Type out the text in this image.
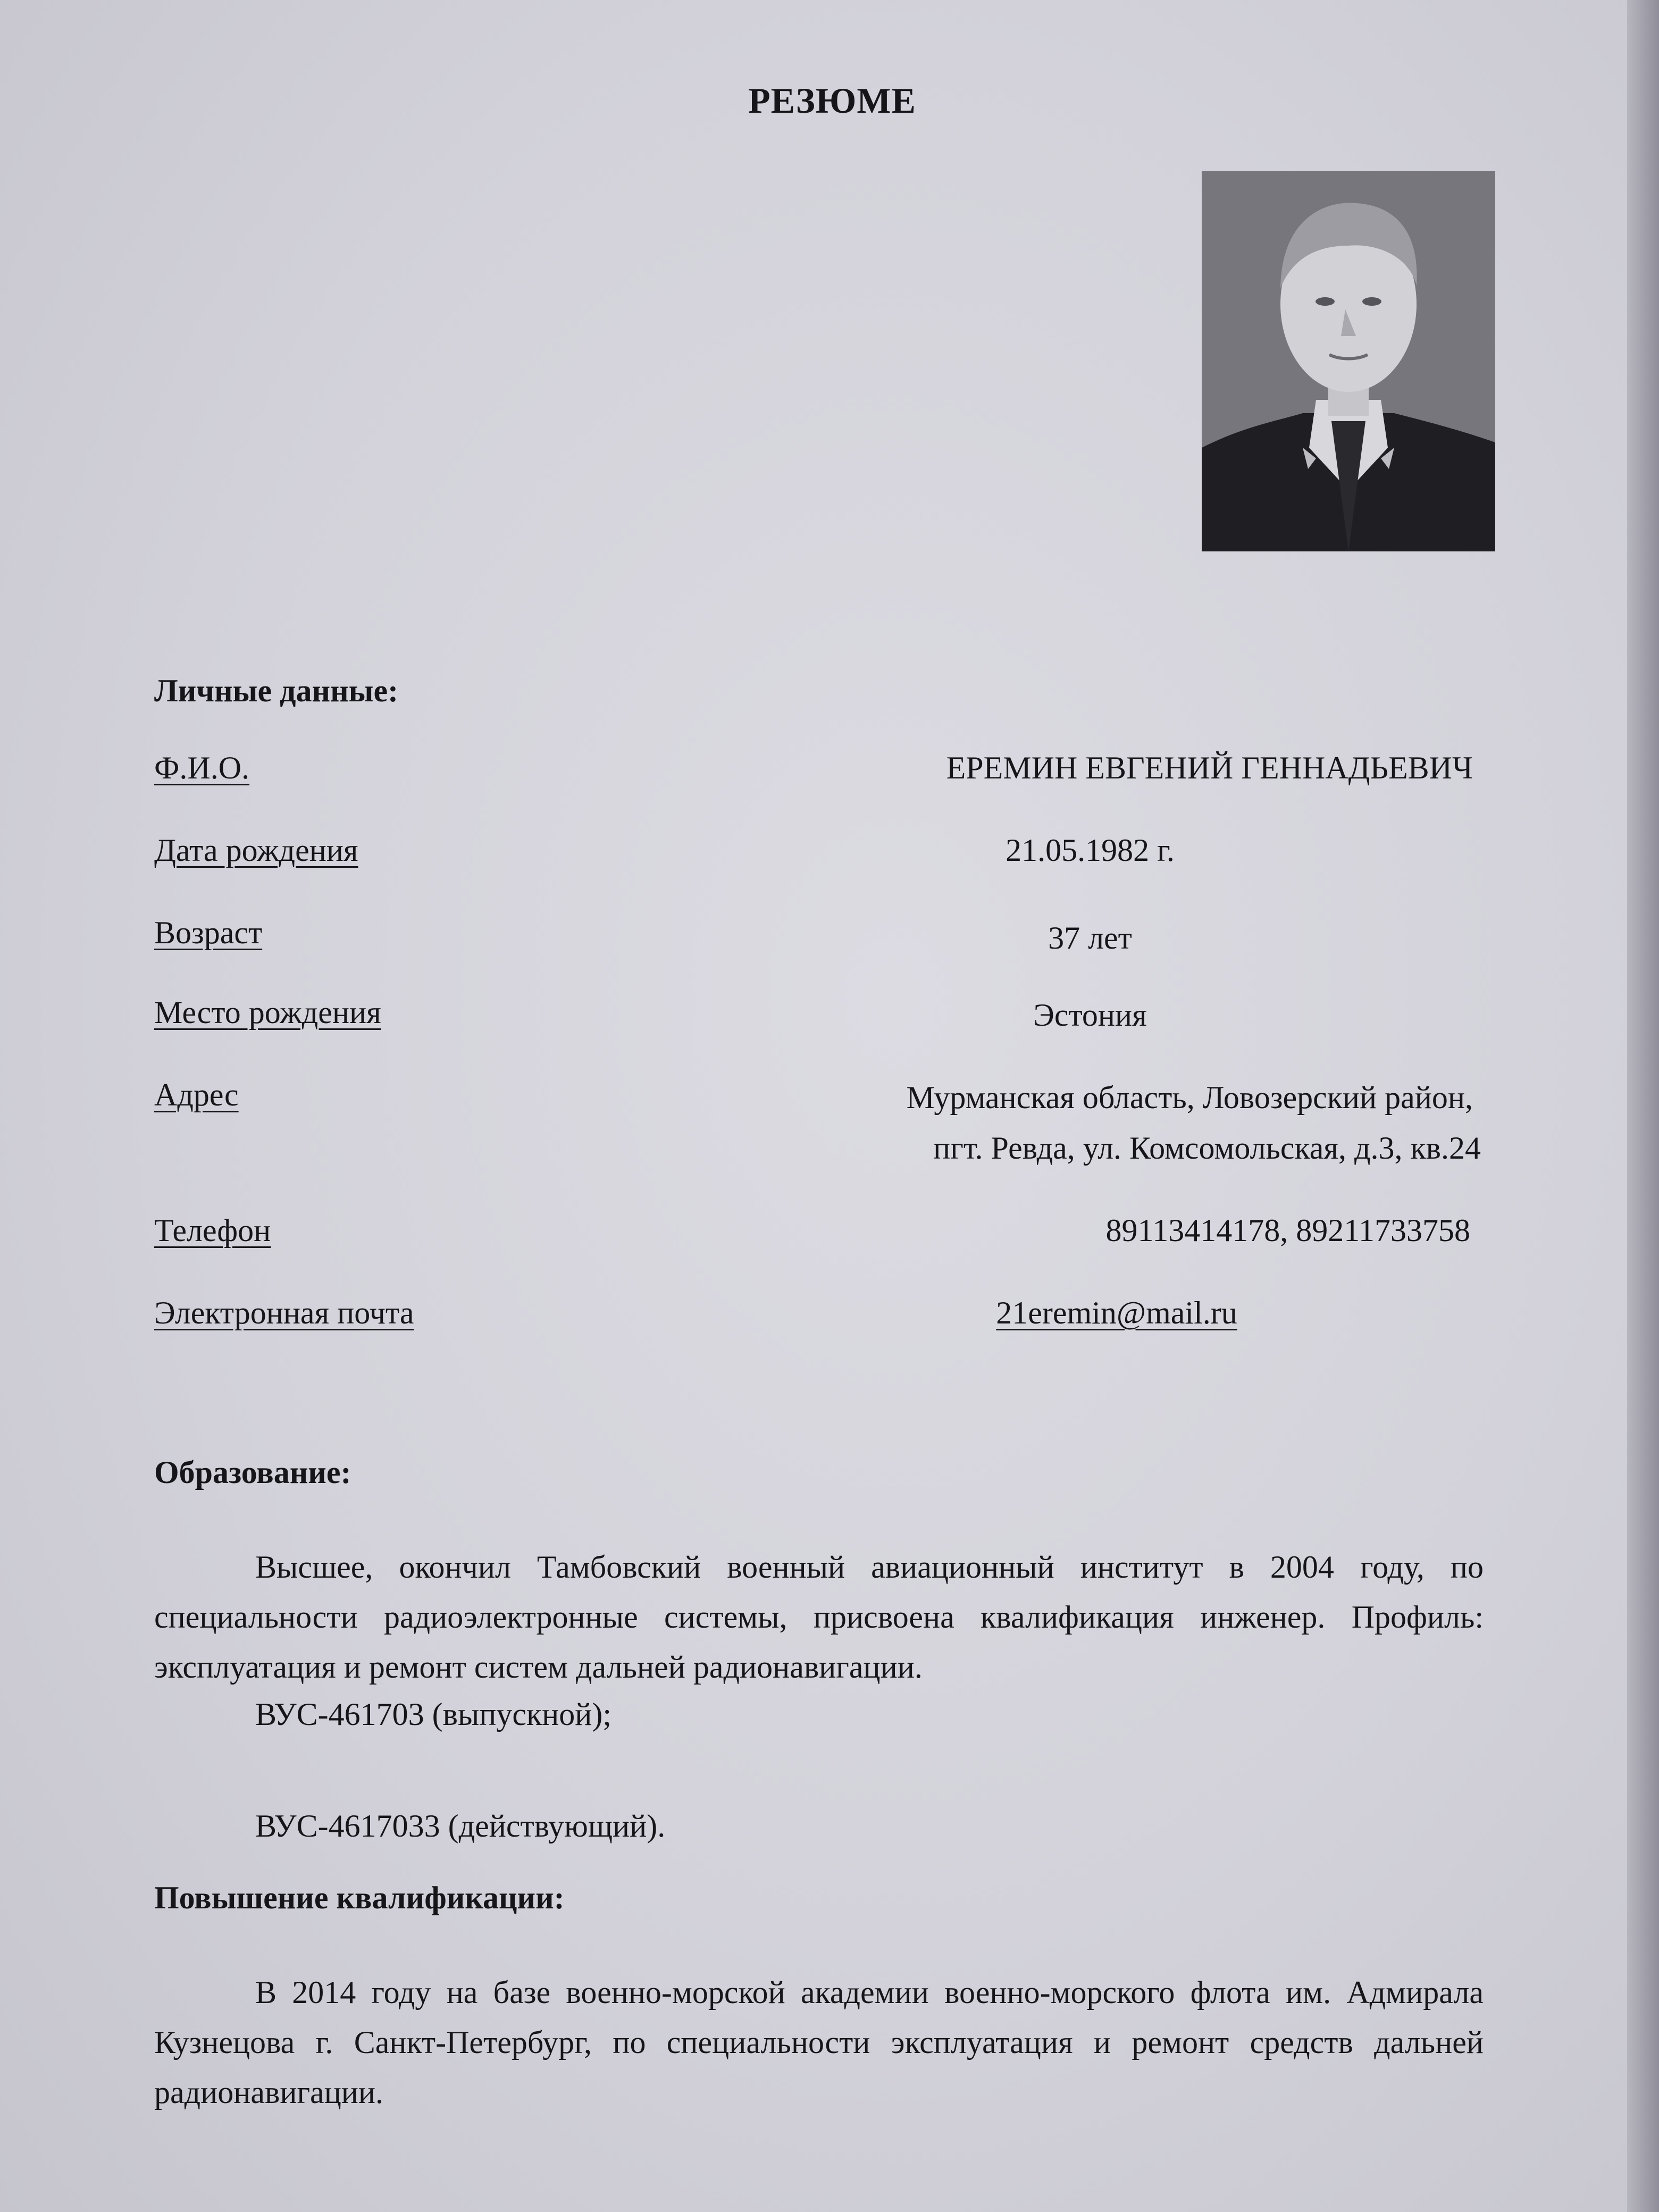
РЕЗЮМЕ
Личные данные:
Ф.И.О.	ЕРЕМИН ЕВГЕНИЙ ГЕННАДЬЕВИЧ
Дата рождения	21.05.1982 г.
Возраст	37 лет
Место рождения	Эстония
Адрес	Мурманская область, Ловозерский район,
пгт. Ревда, ул. Комсомольская, д.3, кв.24
Телефон	89113414178, 89211733758
Электронная почта	21eremin@mail.ru
Образование:
Высшее, окончил Тамбовский военный авиационный институт в 2004 году, по специальности радиоэлектронные системы, присвоена квалификация инженер. Профиль: эксплуатация и ремонт систем дальней радионавигации.
ВУС-461703 (выпускной);
ВУС-4617033 (действующий).
Повышение квалификации:
В 2014 году на базе военно-морской академии военно-морского флота им. Адмирала Кузнецова г. Санкт-Петербург, по специальности эксплуатация и ремонт средств дальней радионавигации.
